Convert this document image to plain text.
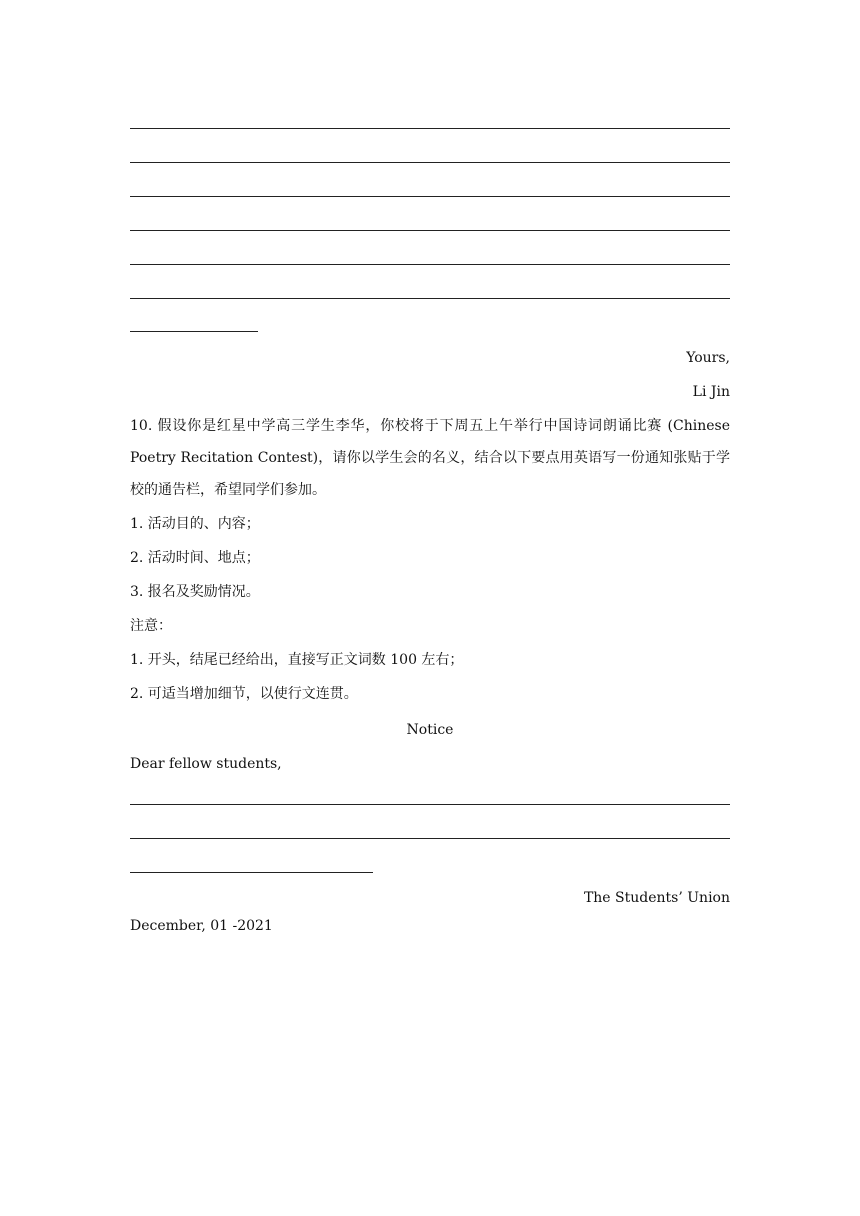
Yours,
Li Jin
10. 假设你是红星中学高三学生李华，你校将于下周五上午举行中国诗词朗诵比赛 (Chinese Poetry Recitation Contest)，请你以学生会的名义，结合以下要点用英语写一份通知张贴于学校的通告栏，希望同学们参加。
1. 活动目的、内容；
2. 活动时间、地点；
3. 报名及奖励情况。
注意：
1. 开头，结尾已经给出，直接写正文词数 100 左右；
2. 可适当增加细节，以使行文连贯。
Notice
Dear fellow students,
The Students’ Union
December, 01 -2021
